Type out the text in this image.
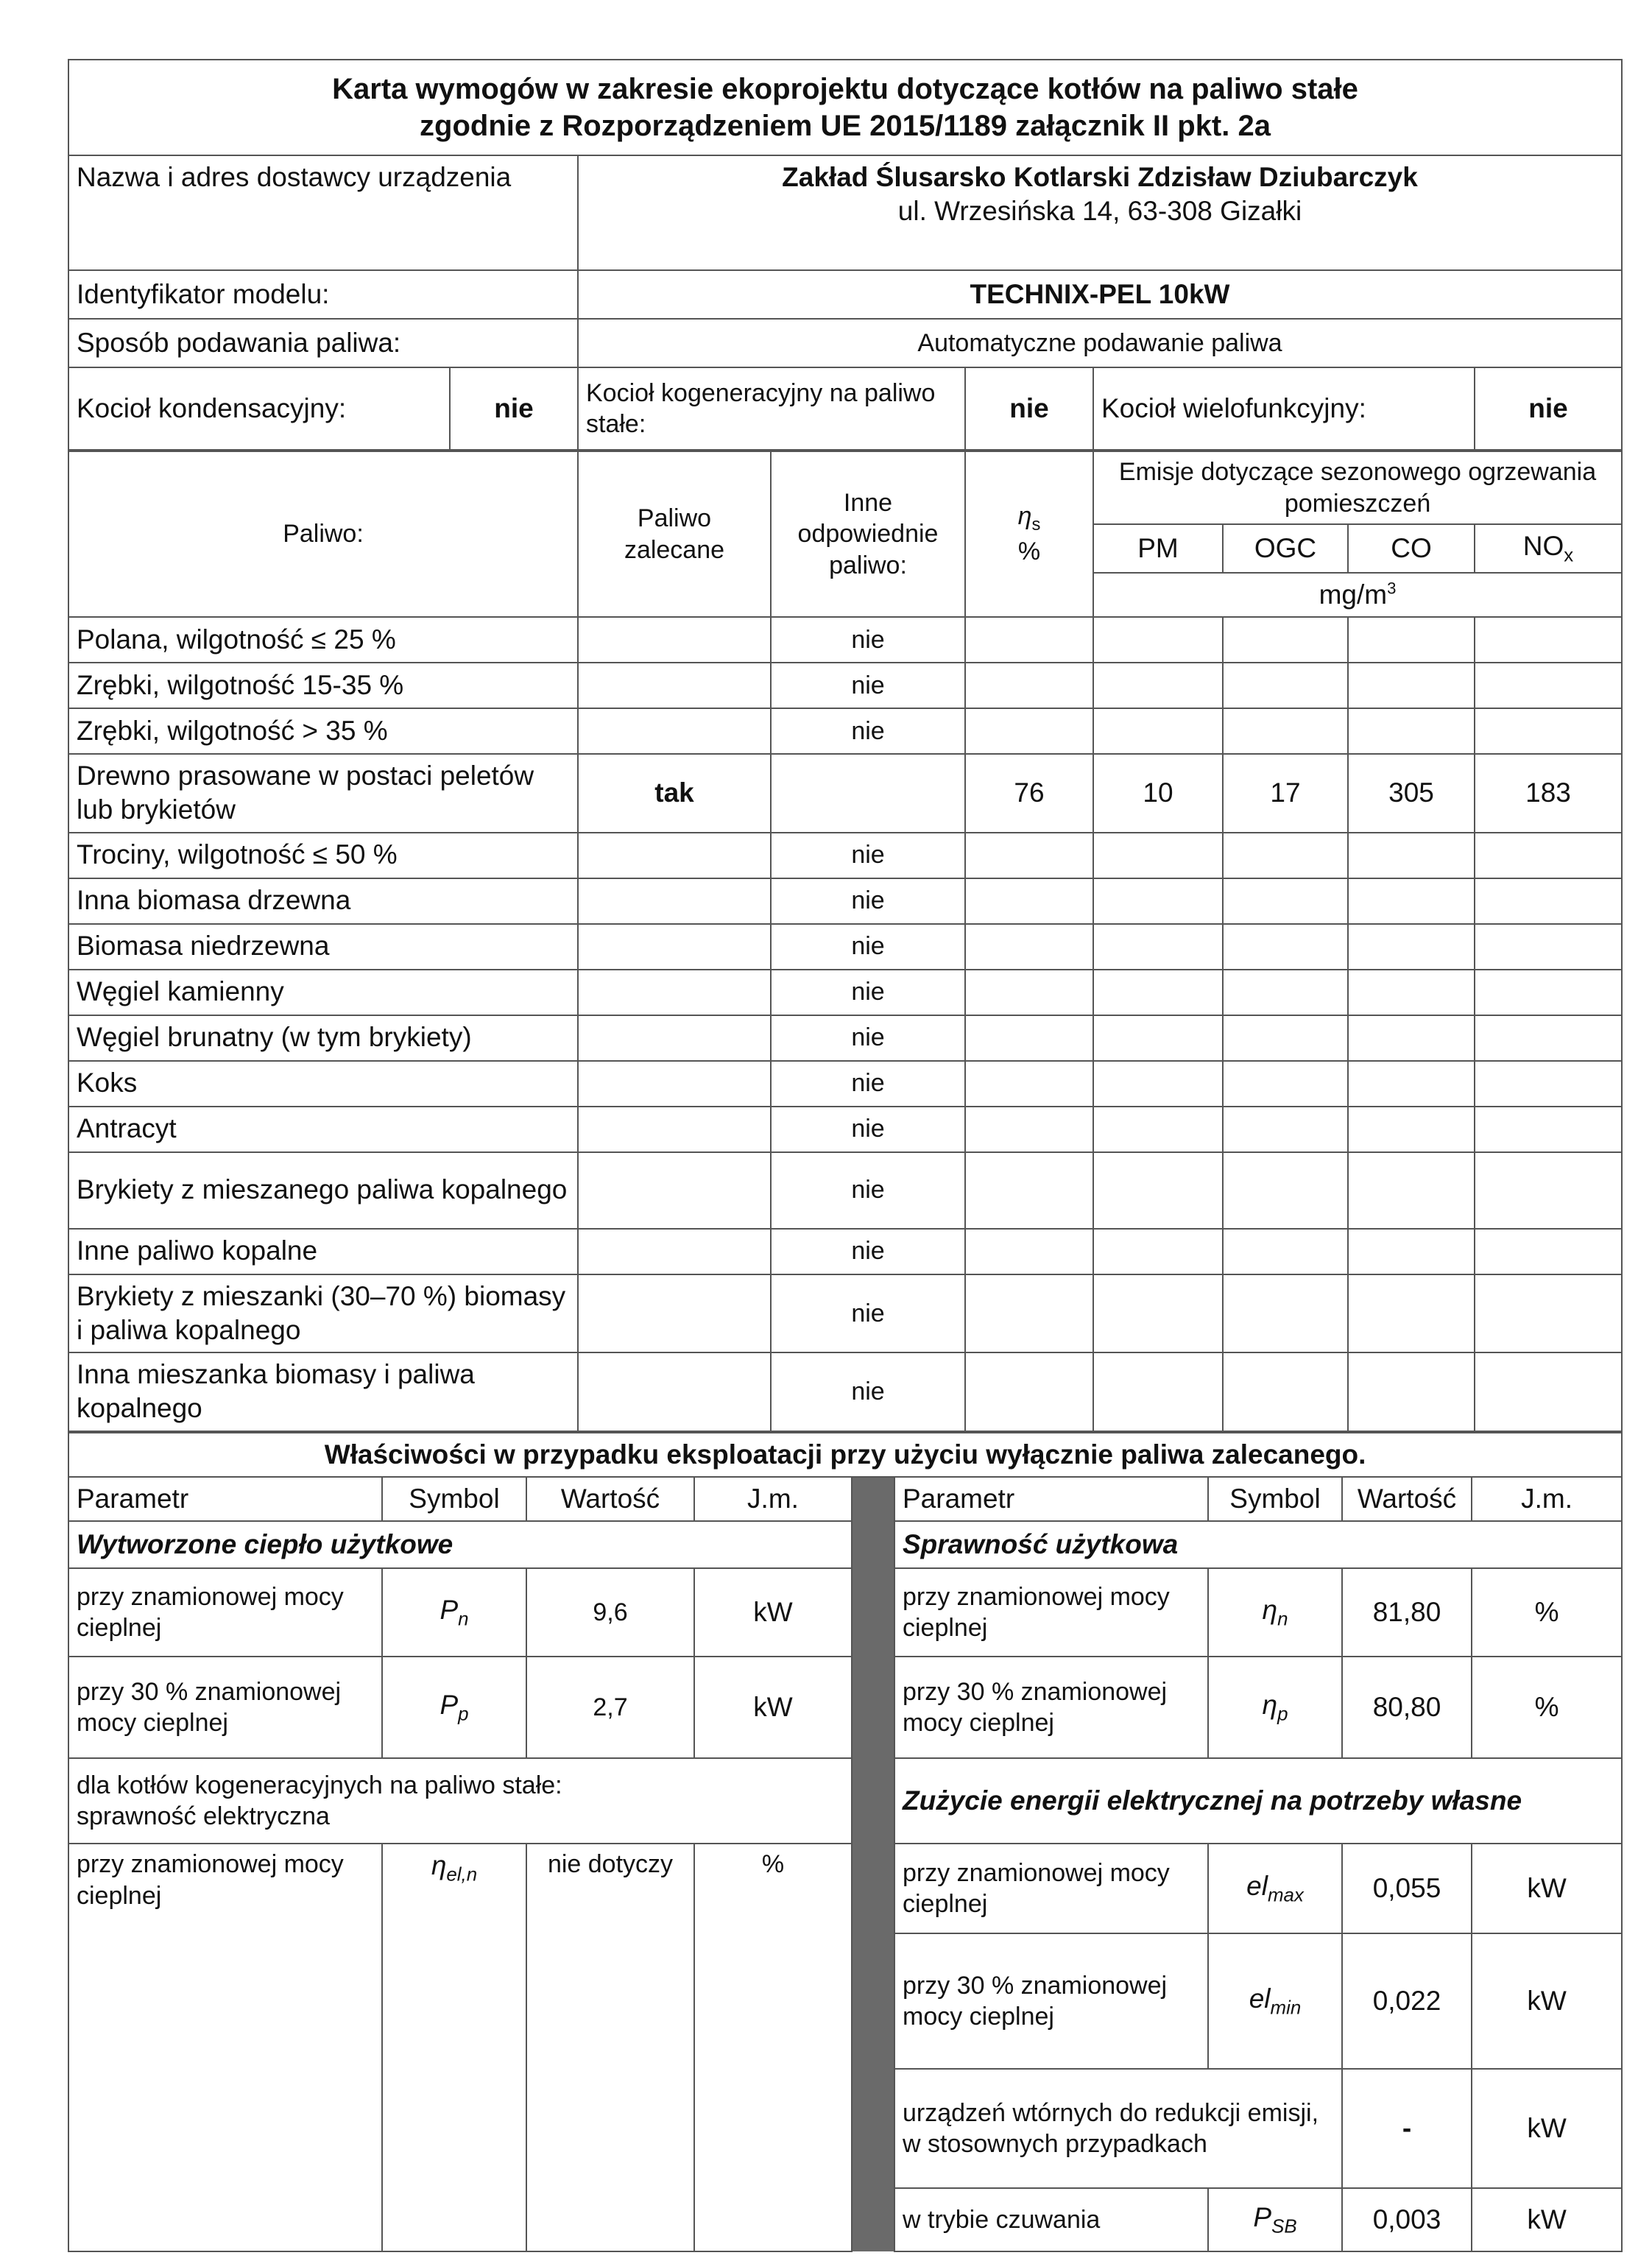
Karta wymogów w zakresie ekoprojektu dotyczące kotłów na paliwo stałe
zgodnie z Rozporządzeniem UE 2015/1189 załącznik II pkt. 2a					

Nazwa i adres dostawcy urządzenia		Zakład Ślusarsko Kotlarski Zdzisław Dziubarczyk
ul. Wrzesińska 14, 63-308 Gizałki			

Identyfikator modelu:		TECHNIX-PEL 10kW			
Sposób podawania paliwa:		Automatyczne podawanie paliwa			
Kocioł kondensacyjny:	nie	Kocioł kogeneracyjny na paliwo stałe:	nie	Kocioł wielofunkcyjny:	nie
Paliwo:	Paliwo zalecane	Inne odpowiednie paliwo:	$\eta_s$
%	Emisje dotyczące sezonowego ogrzewania pomieszczeń			
				PM	OGC	CO	$NO_x$
				$mg/m^3$
Polana, wilgotność ≤ 25 %		nie					
Zrębki, wilgotność 15-35 %		nie					
Zrębki, wilgotność > 35 %		nie					
Drewno prasowane w postaci peletów lub brykietów	tak		76	10	17	305	183
Trociny, wilgotność ≤ 50 %		nie					
Inna biomasa drzewna		nie					
Biomasa niedrzewna		nie					
Węgiel kamienny		nie					
Węgiel brunatny (w tym brykiety)		nie					
Koks		nie					
Antracyt		nie					
Brykiety z mieszanego paliwa kopalnego		nie					
Inne paliwo kopalne		nie					
Brykiety z mieszanki (30–70 %) biomasy i paliwa kopalnego		nie					
Inna mieszanka biomasy i paliwa kopalnego		nie					
Właściwości w przypadku eksploatacji przy użyciu wyłącznie paliwa zalecanego.								
Parametr	Symbol	Wartość	J.m.		Parametr	Symbol	Wartość	J.m.
Wytworzone ciepło użytkowe					Sprawność użytkowa			
przy znamionowej mocy cieplnej	$P_n$	9,6	kW		przy znamionowej mocy cieplnej	$\eta_n$	81,80	%
przy 30 % znamionowej mocy cieplnej	$P_p$	2,7	kW		przy 30 % znamionowej mocy cieplnej	$\eta_p$	80,80	%

dla kotłów kogeneracyjnych na paliwo stałe:
sprawność elektryczna					Zużycie energii elektrycznej na potrzeby własne			
przy znamionowej mocy cieplnej	$\eta_{el,n}$	nie dotyczy	%		przy znamionowej mocy cieplnej	$el_{max}$	0,055	kW
					przy 30 % znamionowej mocy cieplnej	$el_{min}$	0,022	kW
					urządzeń wtórnych do redukcji emisji, w stosownych przypadkach		-	kW
					w trybie czuwania	$P_{SB}$	0,003	kW
